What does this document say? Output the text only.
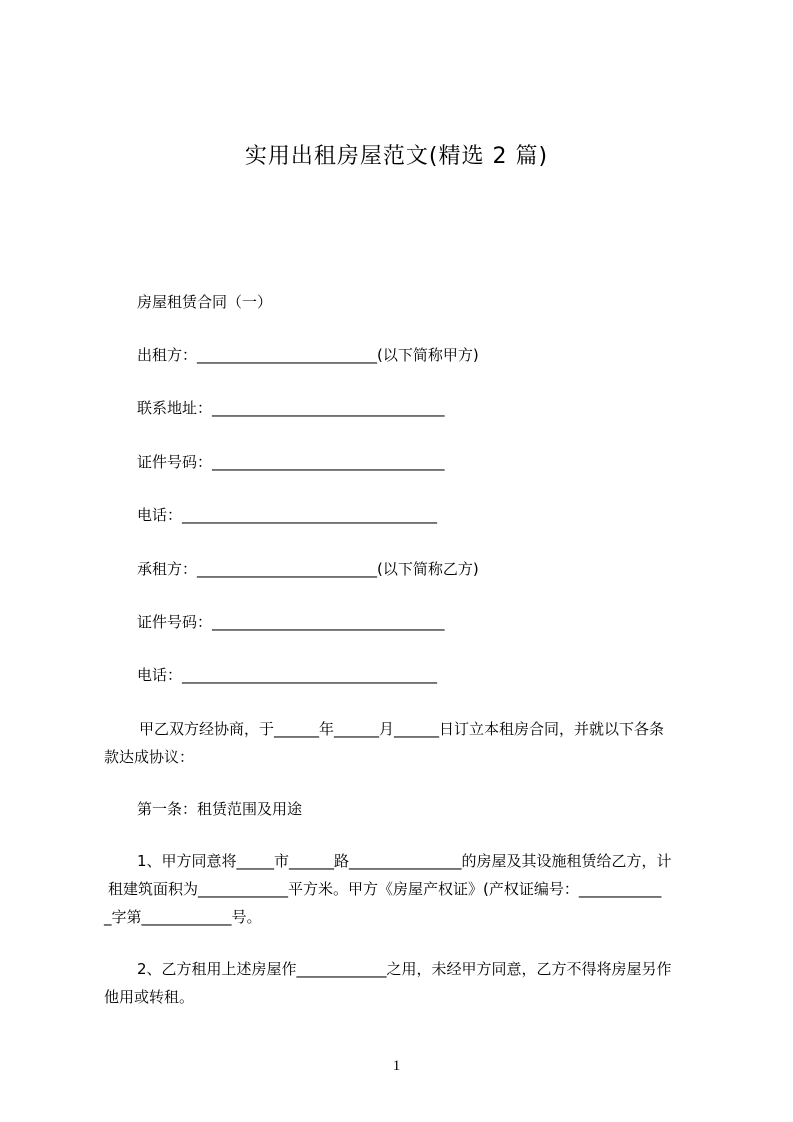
实用出租房屋范文(精选 2 篇)
房屋租赁合同（一）
出租方：________________________(以下简称甲方)
联系地址：_______________________________
证件号码：_______________________________
电话：__________________________________
承租方：________________________(以下简称乙方)
证件号码：_______________________________
电话：__________________________________
甲乙双方经协商，于______年______月______日订立本租房合同，并就以下各条
款达成协议：
第一条：租赁范围及用途
1、甲方同意将_____市______路_______________的房屋及其设施租赁给乙方，计
租建筑面积为____________平方米。甲方《房屋产权证》(产权证编号：___________
_字第____________号。
2、乙方租用上述房屋作____________之用，未经甲方同意，乙方不得将房屋另作
他用或转租。
1
